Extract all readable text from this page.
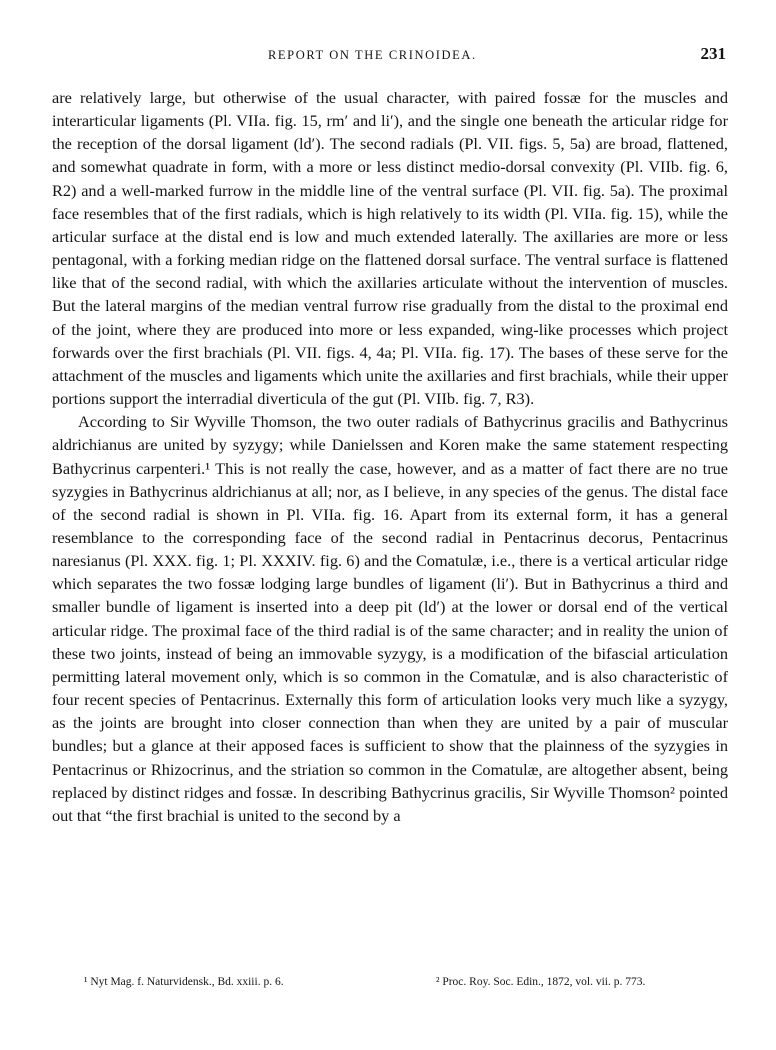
REPORT ON THE CRINOIDEA.	231

are relatively large, but otherwise of the usual character, with paired fossæ for the muscles and interarticular ligaments (Pl. VIIa. fig. 15, rm′ and li′), and the single one beneath the articular ridge for the reception of the dorsal ligament (ld′). The second radials (Pl. VII. figs. 5, 5a) are broad, flattened, and somewhat quadrate in form, with a more or less distinct medio-dorsal convexity (Pl. VIIb. fig. 6, R2) and a well-marked furrow in the middle line of the ventral surface (Pl. VII. fig. 5a). The proximal face resembles that of the first radials, which is high relatively to its width (Pl. VIIa. fig. 15), while the articular surface at the distal end is low and much extended laterally. The axillaries are more or less pentagonal, with a forking median ridge on the flattened dorsal surface. The ventral surface is flattened like that of the second radial, with which the axillaries articulate without the intervention of muscles. But the lateral margins of the median ventral furrow rise gradually from the distal to the proximal end of the joint, where they are produced into more or less expanded, wing-like processes which project forwards over the first brachials (Pl. VII. figs. 4, 4a; Pl. VIIa. fig. 17). The bases of these serve for the attachment of the muscles and ligaments which unite the axillaries and first brachials, while their upper portions support the interradial diverticula of the gut (Pl. VIIb. fig. 7, R3).

According to Sir Wyville Thomson, the two outer radials of Bathycrinus gracilis and Bathycrinus aldrichianus are united by syzygy; while Danielssen and Koren make the same statement respecting Bathycrinus carpenteri.¹ This is not really the case, however, and as a matter of fact there are no true syzygies in Bathycrinus aldrichianus at all; nor, as I believe, in any species of the genus. The distal face of the second radial is shown in Pl. VIIa. fig. 16. Apart from its external form, it has a general resemblance to the corresponding face of the second radial in Pentacrinus decorus, Pentacrinus naresianus (Pl. XXX. fig. 1; Pl. XXXIV. fig. 6) and the Comatulæ, i.e., there is a vertical articular ridge which separates the two fossæ lodging large bundles of ligament (li′). But in Bathycrinus a third and smaller bundle of ligament is inserted into a deep pit (ld′) at the lower or dorsal end of the vertical articular ridge. The proximal face of the third radial is of the same character; and in reality the union of these two joints, instead of being an immovable syzygy, is a modification of the bifascial articulation permitting lateral movement only, which is so common in the Comatulæ, and is also characteristic of four recent species of Pentacrinus. Externally this form of articulation looks very much like a syzygy, as the joints are brought into closer connection than when they are united by a pair of muscular bundles; but a glance at their apposed faces is sufficient to show that the plainness of the syzygies in Pentacrinus or Rhizocrinus, and the striation so common in the Comatulæ, are altogether absent, being replaced by distinct ridges and fossæ. In describing Bathycrinus gracilis, Sir Wyville Thomson² pointed out that “the first brachial is united to the second by a

¹ Nyt Mag. f. Naturvidensk., Bd. xxiii. p. 6.	² Proc. Roy. Soc. Edin., 1872, vol. vii. p. 773.
